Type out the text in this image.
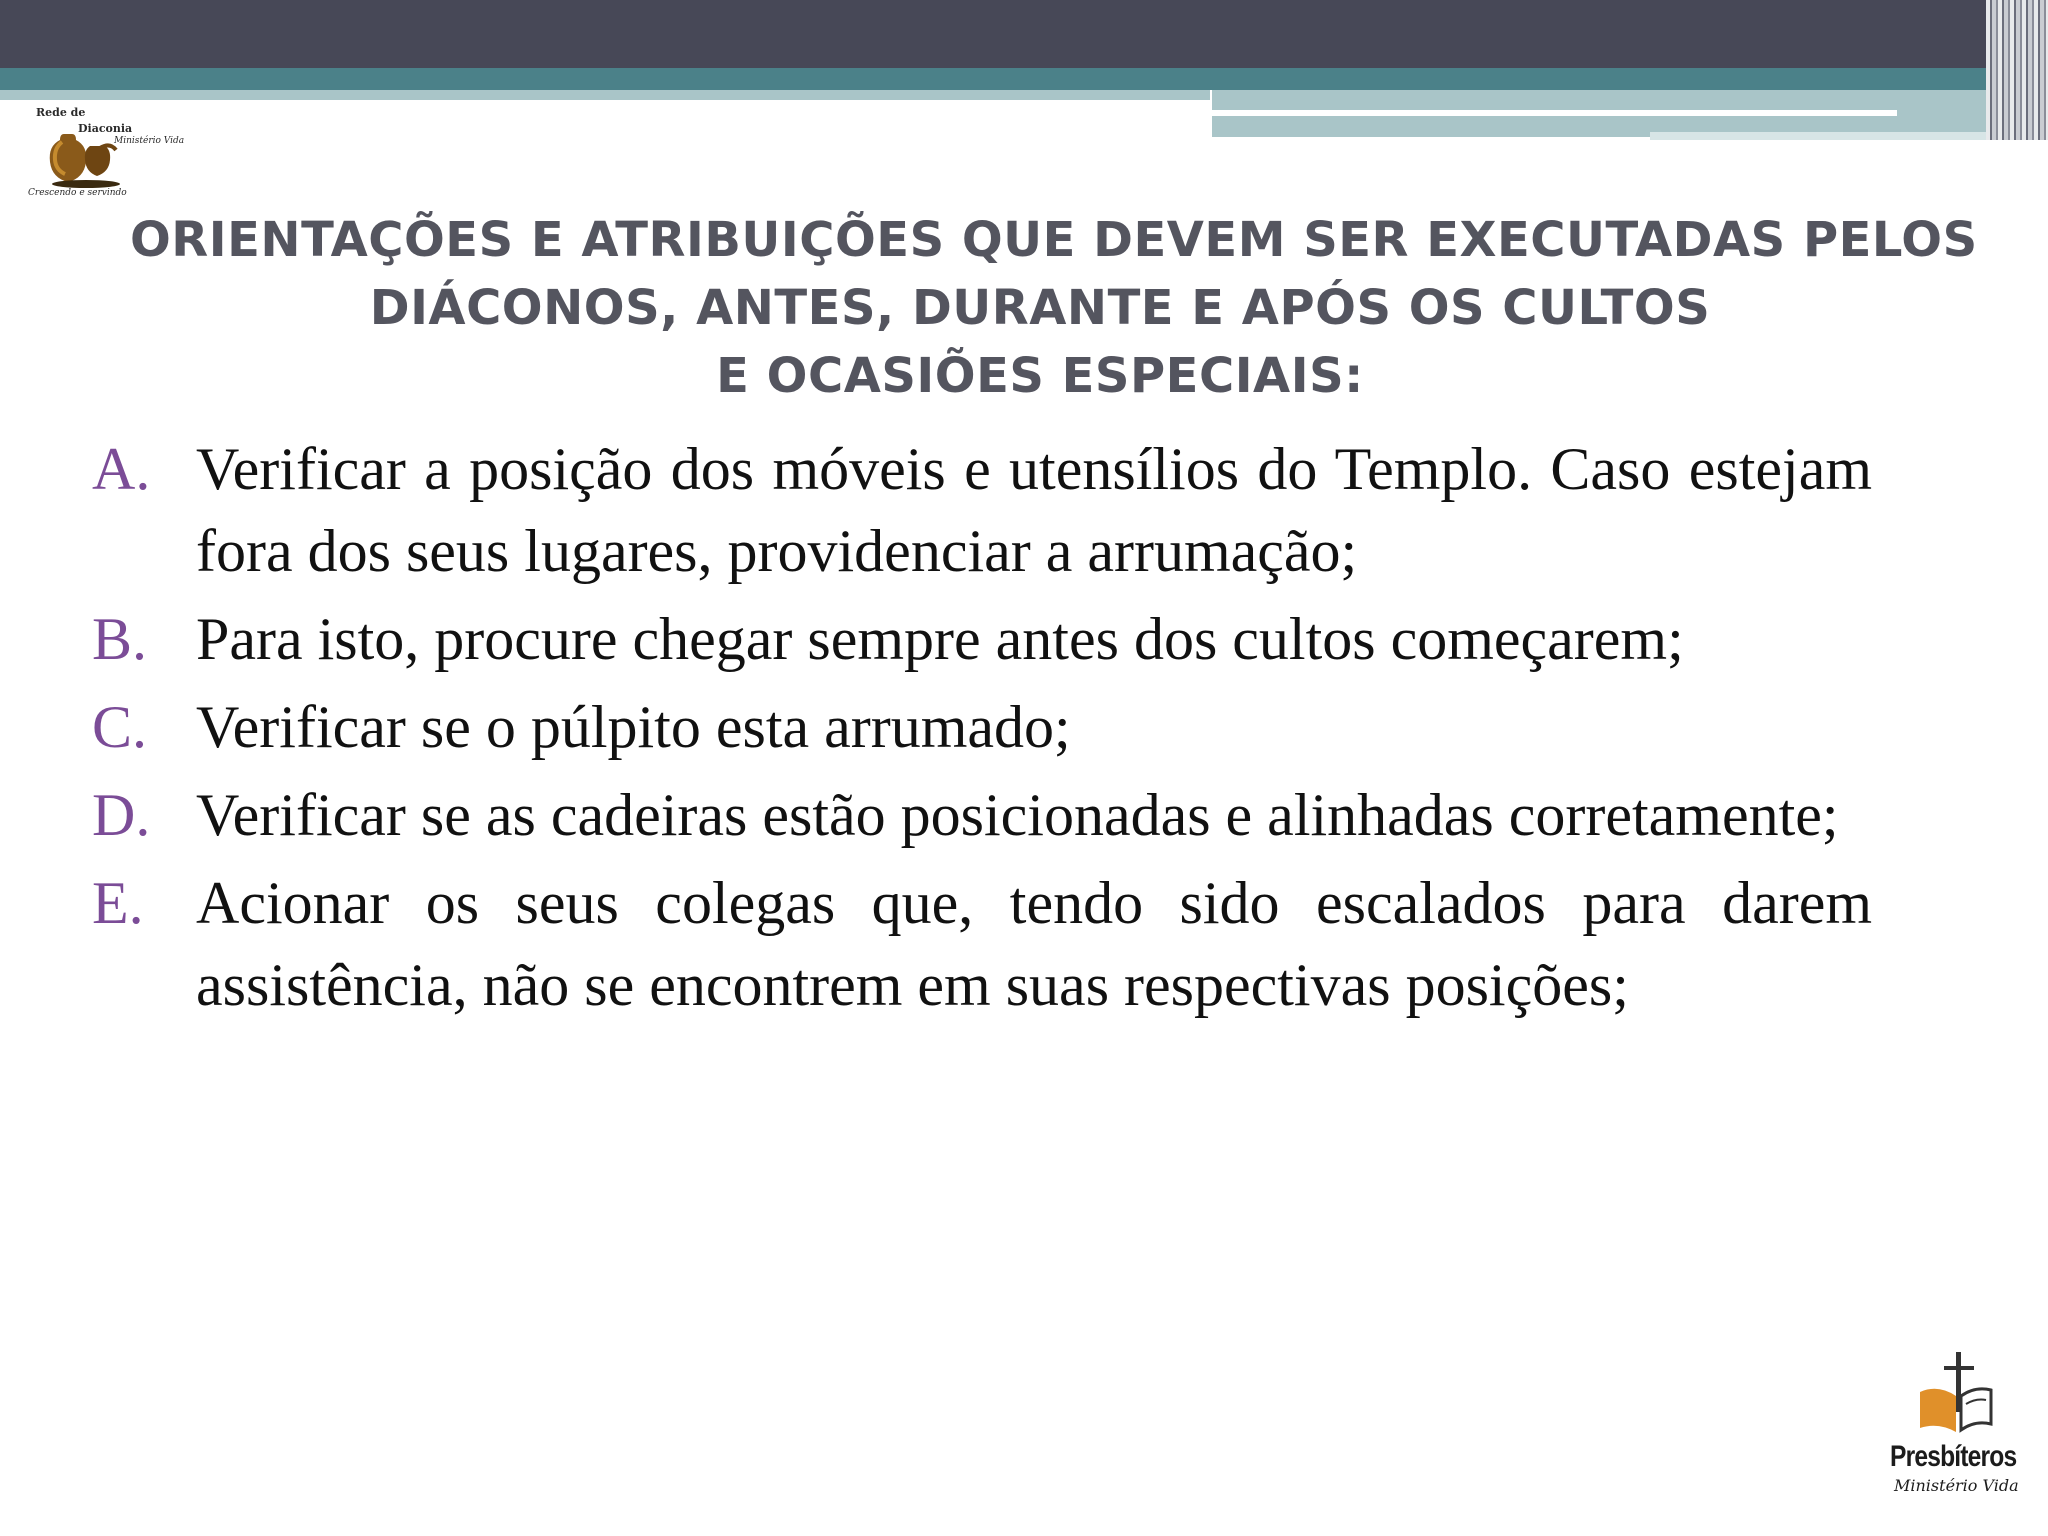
Rede de
Diaconia
Ministério Vida
Crescendo e servindo
ORIENTAÇÕES E ATRIBUIÇÕES QUE DEVEM SER EXECUTADAS PELOS
DIÁCONOS, ANTES, DURANTE E APÓS OS CULTOS
E OCASIÕES ESPECIAIS:
A. Verificar a posição dos móveis e utensílios do Templo. Caso estejam fora dos seus lugares, providenciar a arrumação;
B. Para isto, procure chegar sempre antes dos cultos começarem;
C. Verificar se o púlpito esta arrumado;
D. Verificar se as cadeiras estão posicionadas e alinhadas corretamente;
E. Acionar os seus colegas que, tendo sido escalados para darem assistência, não se encontrem em suas respectivas posições;
Presbíteros
Ministério Vida
